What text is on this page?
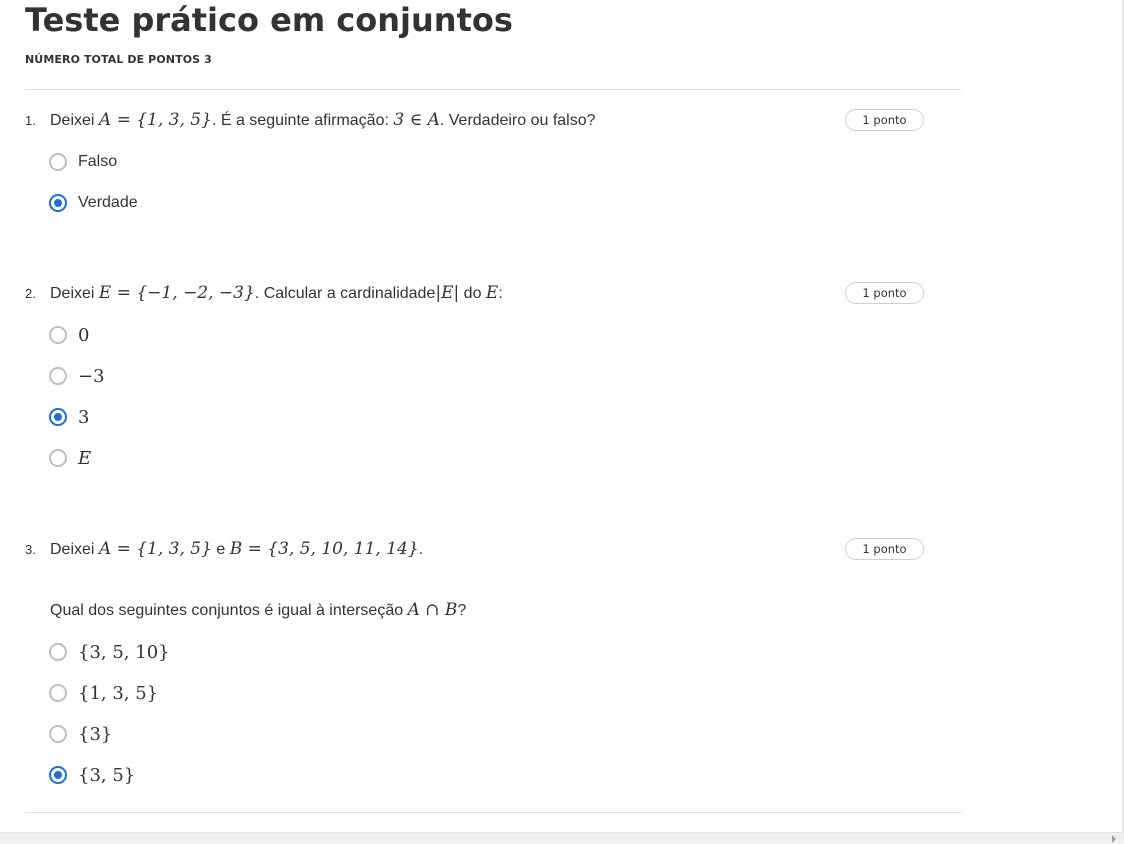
Teste prático em conjuntos
NÚMERO TOTAL DE PONTOS 3
1. Deixei A = {1, 3, 5}. É a seguinte afirmação: 3 ∈ A. Verdadeiro ou falso?	1 ponto
Falso
Verdade
2. Deixei E = {−1, −2, −3}. Calcular a cardinalidade|E| do E:	1 ponto
0
−3
3
E
3. Deixei A = {1, 3, 5} e B = {3, 5, 10, 11, 14}.	1 ponto
Qual dos seguintes conjuntos é igual à interseção A ∩ B?
{3, 5, 10}
{1, 3, 5}
{3}
{3, 5}
